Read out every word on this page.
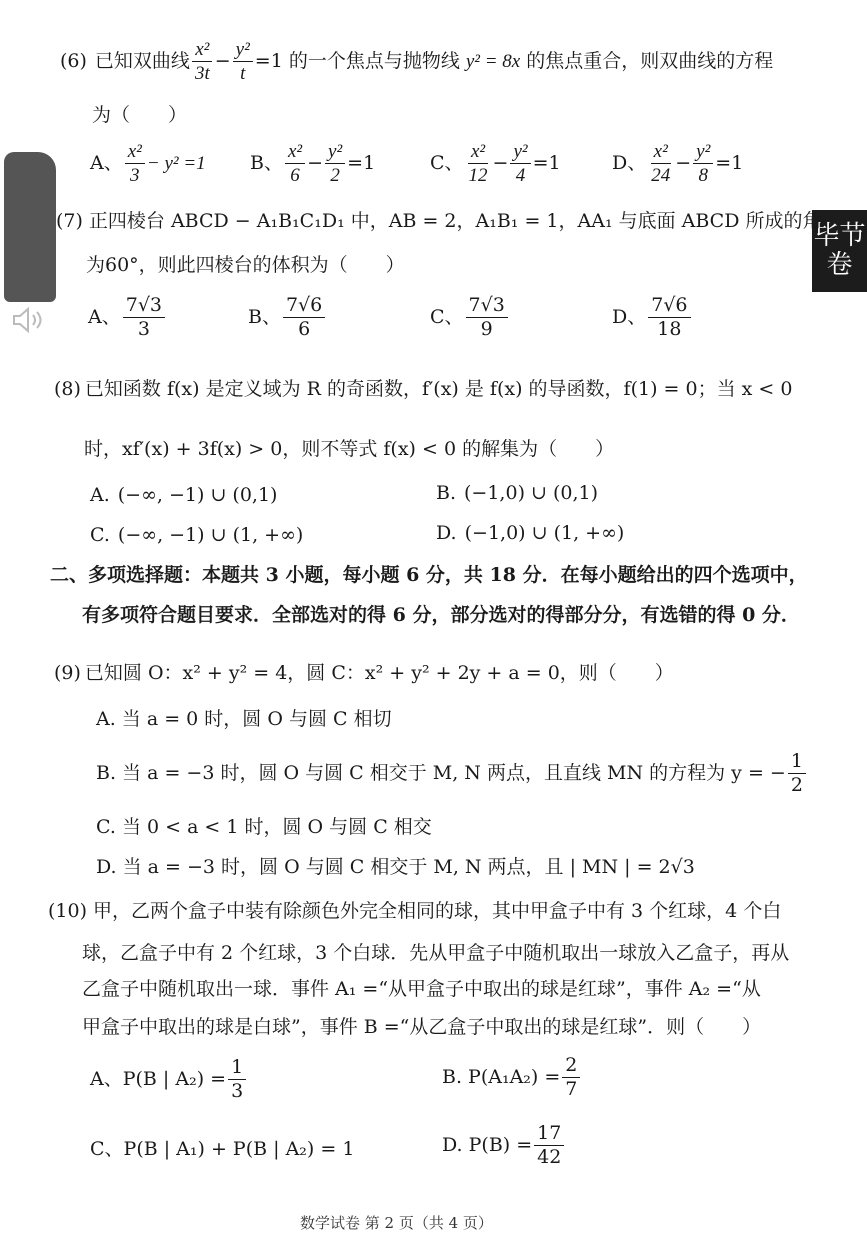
毕节
卷
(6) 已知双曲线 $\frac{\text{x²}}{3t} - \frac{\text{y²}}{t} =1$ 的一个焦点与抛物线 y² = 8x 的焦点重合，则双曲线的方程
为（　　）
A、 $\frac{\text{x²}}{3} - y^2 =1$ B、 $\frac{\text{x²}}{6} - \frac{\text{y²}}{2} =1$	C、 $\frac{\text{x²}}{12} - \frac{\text{y²}}{4} =1$	D、 $\frac{\text{x²}}{24} - \frac{\text{y²}}{8} =1$
(7) 正四棱台 ABCD − A₁B₁C₁D₁ 中，AB = 2，A₁B₁ = 1，AA₁ 与底面 ABCD 所成的角
为60°，则此四棱台的体积为（　　）
A、 $\frac{7√3}{3}$	B、 $\frac{7√6}{6}$	C、 $\frac{7√3}{9}$	D、 $\frac{7√6}{18}$
(8) 已知函数 f(x) 是定义域为 R 的奇函数，f′(x) 是 f(x) 的导函数，f(1) = 0；当 x < 0
时，xf′(x) + 3f(x) > 0，则不等式 f(x) < 0 的解集为（　　）
A. (−∞, −1) ∪ (0,1)	B. (−1,0) ∪ (0,1)
C. (−∞, −1) ∪ (1, +∞)	D. (−1,0) ∪ (1, +∞)
二、多项选择题：本题共 3 小题，每小题 6 分，共 18 分．在每小题给出的四个选项中，
有多项符合题目要求．全部选对的得 6 分，部分选对的得部分分，有选错的得 0 分．
(9) 已知圆 O：x² + y² = 4，圆 C：x² + y² + 2y + a = 0，则（　　）
A. 当 a = 0 时，圆 O 与圆 C 相切
B. 当 a = −3 时，圆 O 与圆 C 相交于 M, N 两点，且直线 MN 的方程为 y = − $\frac{1}{2}$
C. 当 0 < a < 1 时，圆 O 与圆 C 相交
D. 当 a = −3 时，圆 O 与圆 C 相交于 M, N 两点，且 | MN | = 2√3
(10) 甲，乙两个盒子中装有除颜色外完全相同的球，其中甲盒子中有 3 个红球，4 个白
球，乙盒子中有 2 个红球，3 个白球．先从甲盒子中随机取出一球放入乙盒子，再从
乙盒子中随机取出一球．事件 A₁ =“从甲盒子中取出的球是红球”，事件 A₂ =“从
甲盒子中取出的球是白球”，事件 B =“从乙盒子中取出的球是红球”．则（　　）
A、P(B | $A_2) = \frac{1}{3}$	B. $P(A_1A_2) = \frac{2}{7}$
C、P(B | A₁) + P(B | A₂) = 1	D. $P(B) = \frac{17}{42}$
数学试卷 第 2 页（共 4 页）
